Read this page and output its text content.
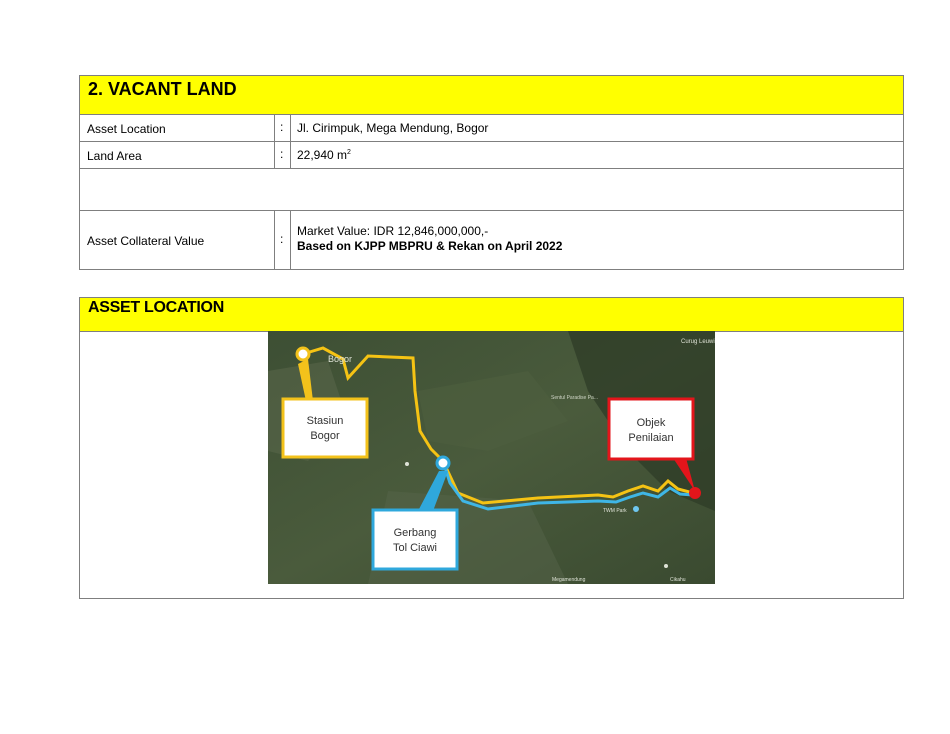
2. VACANT LAND
Asset Location	: Jl. Cirimpuk, Mega Mendung, Bogor
Land Area	: 22,940 $m^2$
Asset Collateral Value	:
Market Value: IDR 12,846,000,000,-
Based on KJPP MBPRU & Rekan on April 2022
ASSET LOCATION
Bogor
Curug Leuwi
Sentul Paradise Pa...
TWM Park
Megamendung	Cikahu
Stasiun
Bogor
Gerbang
Tol Ciawi
Objek
Penilaian
